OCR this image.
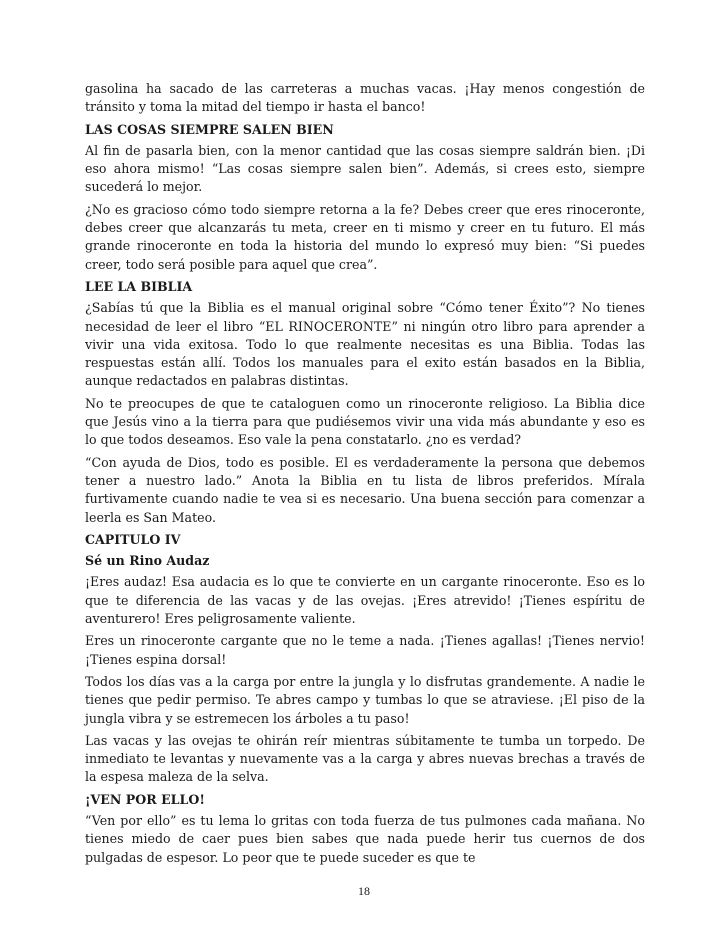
gasolina ha sacado de las carreteras a muchas vacas. ¡Hay menos congestión de tránsito y toma la mitad del tiempo ir hasta el banco!

LAS COSAS SIEMPRE SALEN BIEN

Al fin de pasarla bien, con la menor cantidad que las cosas siempre saldrán bien. ¡Di eso ahora mismo! “Las cosas siempre salen bien”. Además, si crees esto, siempre sucederá lo mejor.

¿No es gracioso cómo todo siempre retorna a la fe? Debes creer que eres rinoceronte, debes creer que alcanzarás tu meta, creer en ti mismo y creer en tu futuro. El más grande rinoceronte en toda la historia del mundo lo expresó muy bien: “Si puedes creer, todo será posible para aquel que crea”.

LEE LA BIBLIA

¿Sabías tú que la Biblia es el manual original sobre “Cómo tener Éxito”? No tienes necesidad de leer el libro “EL RINOCERONTE” ni ningún otro libro para aprender a vivir una vida exitosa. Todo lo que realmente necesitas es una Biblia. Todas las respuestas están allí. Todos los manuales para el exito están basados en la Biblia, aunque redactados en palabras distintas.

No te preocupes de que te cataloguen como un rinoceronte religioso. La Biblia dice que Jesús vino a la tierra para que pudiésemos vivir una vida más abundante y eso es lo que todos deseamos. Eso vale la pena constatarlo. ¿no es verdad?

“Con ayuda de Dios, todo es posible. El es verdaderamente la persona que debemos tener a nuestro lado.” Anota la Biblia en tu lista de libros preferidos. Mírala furtivamente cuando nadie te vea si es necesario. Una buena sección para comenzar a leerla es San Mateo.

CAPITULO IV

Sé un Rino Audaz

¡Eres audaz! Esa audacia es lo que te convierte en un cargante rinoceronte. Eso es lo que te diferencia de las vacas y de las ovejas. ¡Eres atrevido! ¡Tienes espíritu de aventurero! Eres peligrosamente valiente.

Eres un rinoceronte cargante que no le teme a nada. ¡Tienes agallas! ¡Tienes nervio! ¡Tienes espina dorsal!

Todos los días vas a la carga por entre la jungla y lo disfrutas grandemente. A nadie le tienes que pedir permiso. Te abres campo y tumbas lo que se atraviese. ¡El piso de la jungla vibra y se estremecen los árboles a tu paso!

Las vacas y las ovejas te ohirán reír mientras súbitamente te tumba un torpedo. De inmediato te levantas y nuevamente vas a la carga y abres nuevas brechas a través de la espesa maleza de la selva.

¡VEN POR ELLO!

“Ven por ello” es tu lema lo gritas con toda fuerza de tus pulmones cada mañana. No tienes miedo de caer pues bien sabes que nada puede herir tus cuernos de dos pulgadas de espesor. Lo peor que te puede suceder es que te

18
